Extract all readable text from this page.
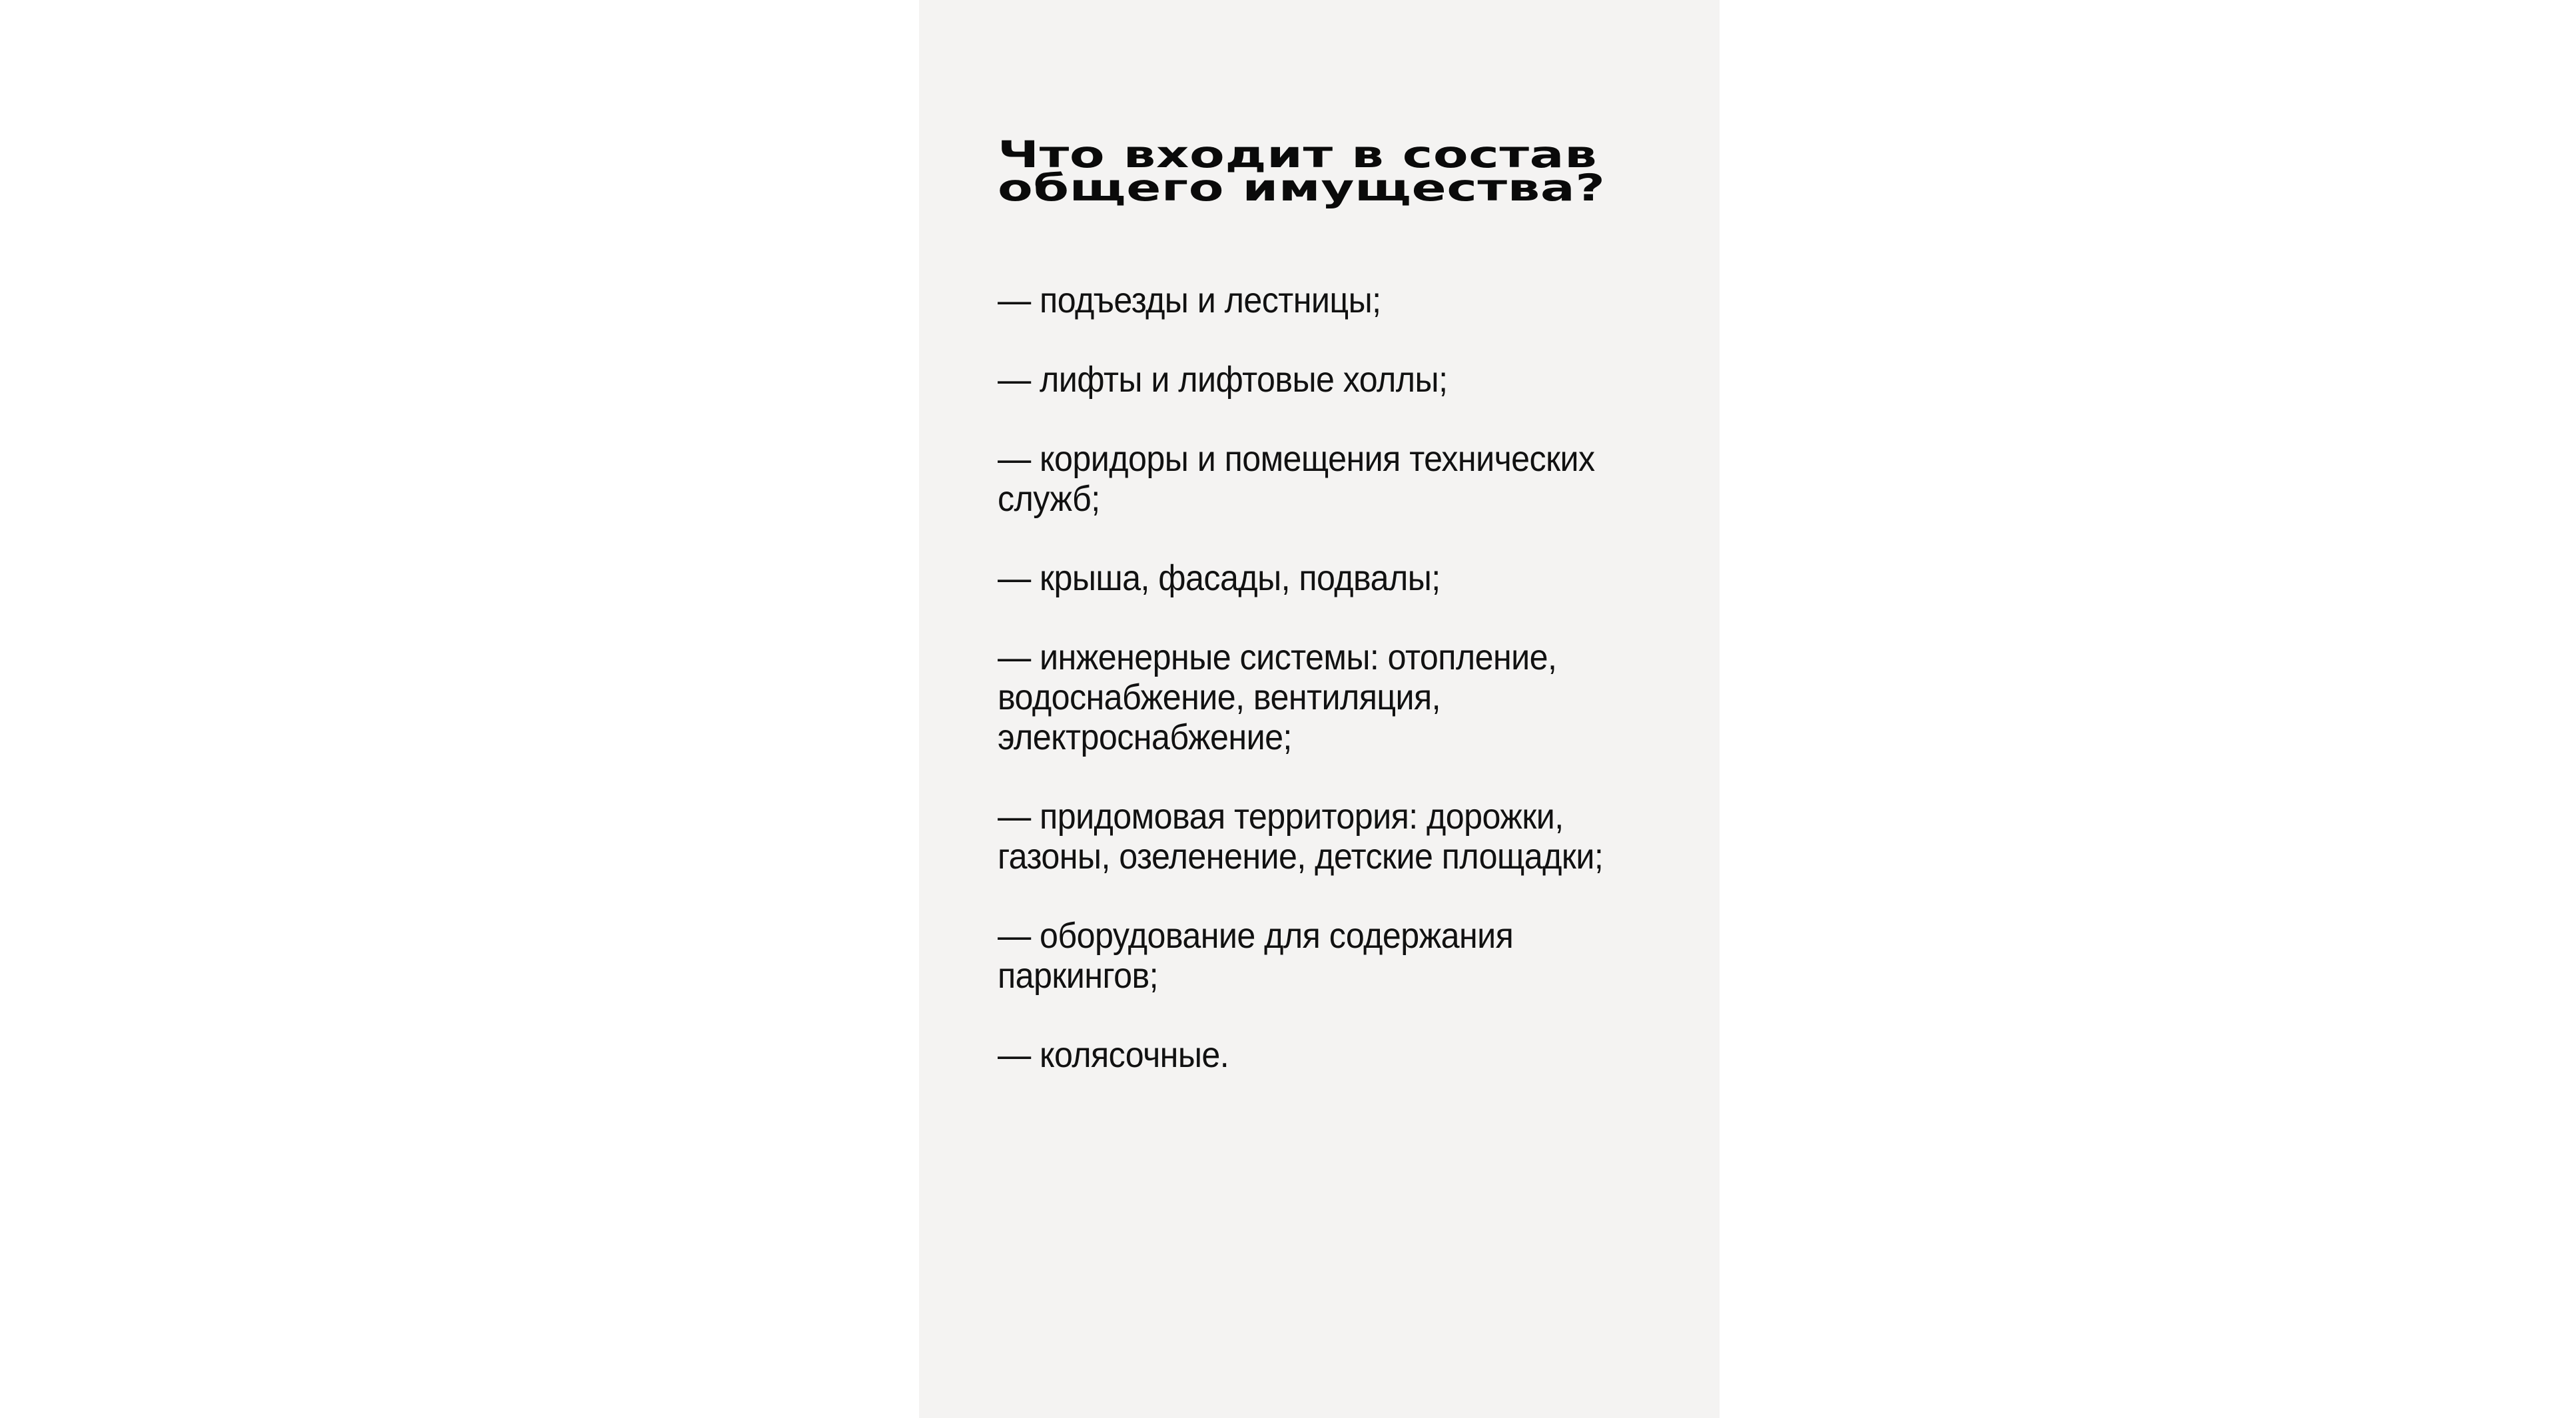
Что входит в состав
общего имущества?
— подъезды и лестницы;
— лифты и лифтовые холлы;
— коридоры и помещения технических
служб;
— крыша, фасады, подвалы;
— инженерные системы: отопление,
водоснабжение, вентиляция,
электроснабжение;
— придомовая территория: дорожки,
газоны, озеленение, детские площадки;
— оборудование для содержания
паркингов;
— колясочные.
